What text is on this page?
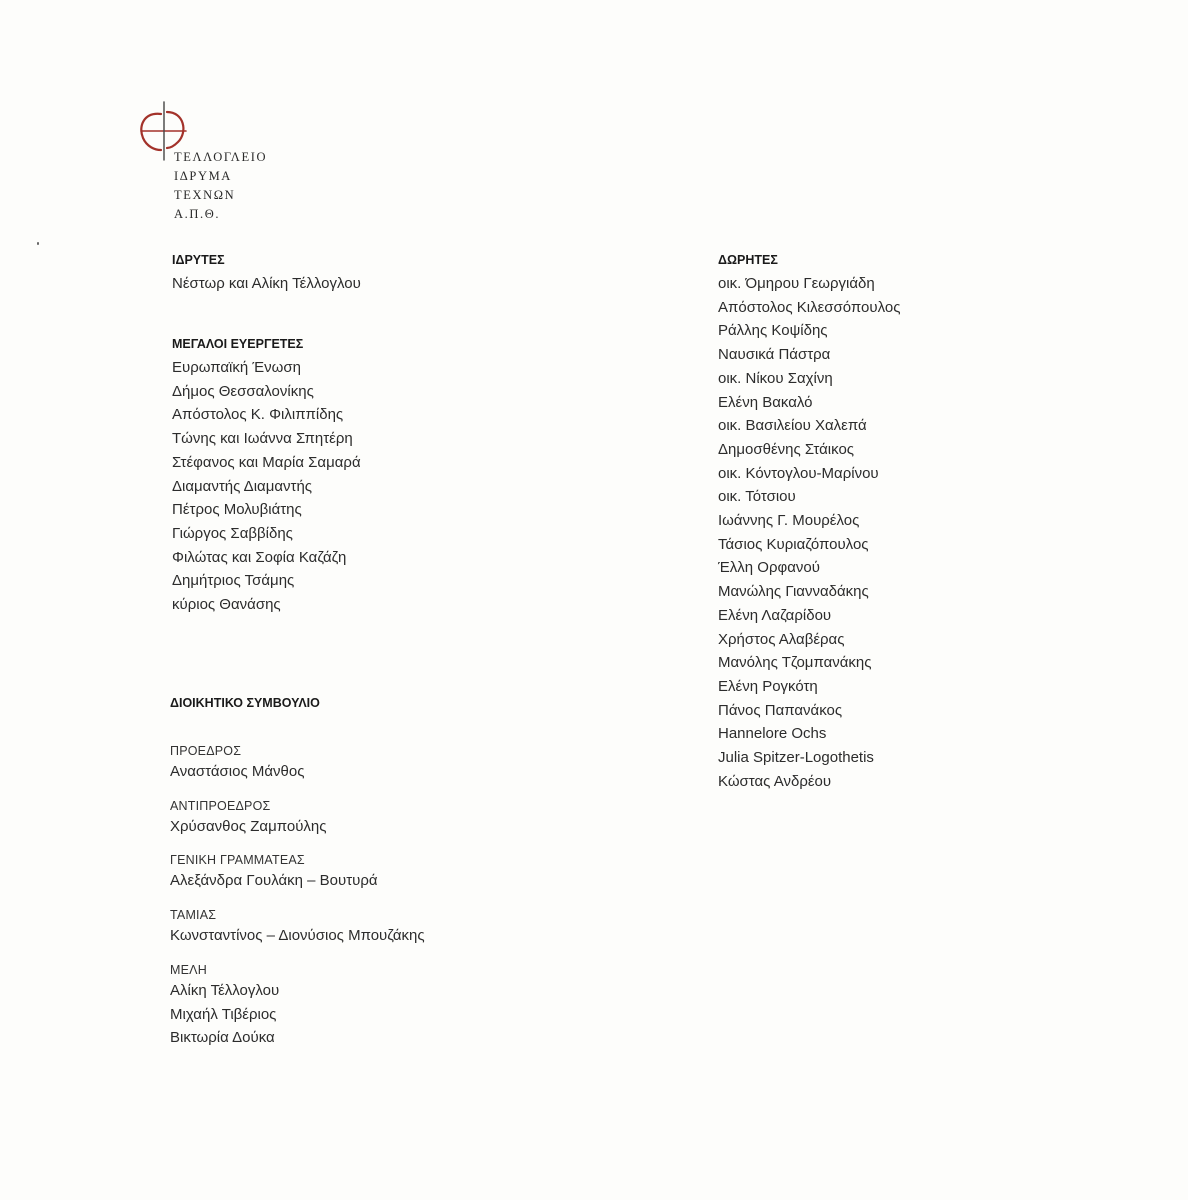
ΤΕΛΛΟΓΛΕΙΟ
ΙΔΡΥΜΑ
ΤΕΧΝΩΝ
Α.Π.Θ.
ΙΔΡΥΤΕΣ
Νέστωρ και Αλίκη Τέλλογλου
ΜΕΓΑΛΟΙ ΕΥΕΡΓΕΤΕΣ
Ευρωπαϊκή Ένωση
Δήμος Θεσσαλονίκης
Απόστολος Κ. Φιλιππίδης
Τώνης και Ιωάννα Σπητέρη
Στέφανος και Μαρία Σαμαρά
Διαμαντής Διαμαντής
Πέτρος Μολυβιάτης
Γιώργος Σαββίδης
Φιλώτας και Σοφία Καζάζη
Δημήτριος Τσάμης
κύριος Θανάσης
ΔΙΟΙΚΗΤΙΚΟ ΣΥΜΒΟΥΛΙΟ
ΠΡΟΕΔΡΟΣ
Αναστάσιος Μάνθος
ΑΝΤΙΠΡΟΕΔΡΟΣ
Χρύσανθος Ζαμπούλης
ΓΕΝΙΚΗ ΓΡΑΜΜΑΤΕΑΣ
Αλεξάνδρα Γουλάκη – Βουτυρά
ΤΑΜΙΑΣ
Κωνσταντίνος – Διονύσιος Μπουζάκης
ΜΕΛΗ
Αλίκη Τέλλογλου
Μιχαήλ Τιβέριος
Βικτωρία Δούκα
ΔΩΡΗΤΕΣ
οικ. Όμηρου Γεωργιάδη
Απόστολος Κιλεσσόπουλος
Ράλλης Κοψίδης
Ναυσικά Πάστρα
οικ. Νίκου Σαχίνη
Ελένη Βακαλό
οικ. Βασιλείου Χαλεπά
Δημοσθένης Στάικος
οικ. Κόντογλου-Μαρίνου
οικ. Τότσιου
Ιωάννης Γ. Μουρέλος
Τάσιος Κυριαζόπουλος
Έλλη Ορφανού
Μανώλης Γιανναδάκης
Ελένη Λαζαρίδου
Χρήστος Αλαβέρας
Μανόλης Τζομπανάκης
Ελένη Ρογκότη
Πάνος Παπανάκος
Hannelore Ochs
Julia Spitzer-Logothetis
Κώστας Ανδρέου
